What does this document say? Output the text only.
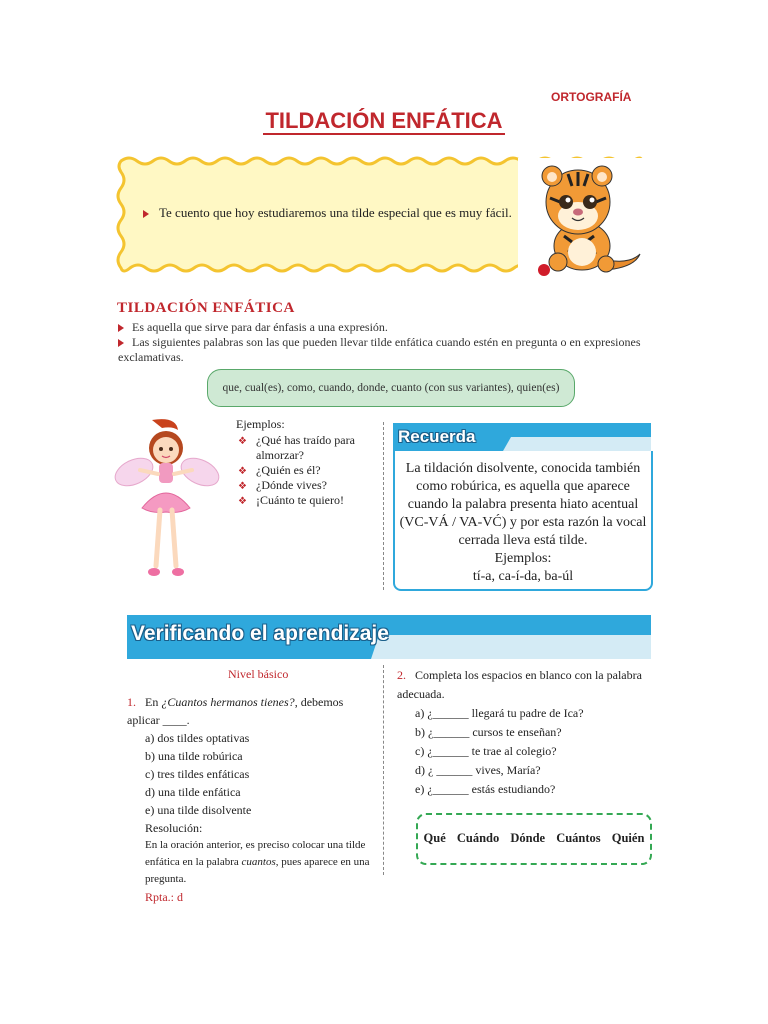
ORTOGRAFÍA
TILDACIÓN ENFÁTICA
Te cuento que hoy estudiaremos una tilde especial que es muy fácil.
TILDACIÓN ENFÁTICA
Es aquella que sirve para dar énfasis a una expresión.
Las siguientes palabras son las que pueden llevar tilde enfática cuando estén en pregunta o en expresiones exclamativas.
que, cual(es), como, cuando, donde, cuanto (con sus variantes), quien(es)
Ejemplos:
❖ ¿Qué has traído para almorzar?
❖ ¿Quién es él?
❖ ¿Dónde vives?
❖ ¡Cuánto te quiero!
Recuerda
La tildación disolvente, conocida también como robúrica, es aquella que aparece cuando la palabra presenta hiato acentual (VC-VÁ / VA-VĆ) y por esta razón la vocal cerrada lleva está tilde.
Ejemplos:
tí-a, ca-í-da, ba-úl
Verificando el aprendizaje
Nivel básico
1. En ¿Cuantos hermanos tienes?, debemos aplicar ____.
a) dos tildes optativas
b) una tilde robúrica
c) tres tildes enfáticas
d) una tilde enfática
e) una tilde disolvente
Resolución:
En la oración anterior, es preciso colocar una tilde enfática en la palabra cuantos, pues aparece en una pregunta.
Rpta.: d
2. Completa los espacios en blanco con la palabra adecuada.
a) ¿______ llegará tu padre de Ica?
b) ¿______ cursos te enseñan?
c) ¿______ te trae al colegio?
d) ¿ ______ vives, María?
e) ¿______ estás estudiando?
Qué Cuándo Dónde Cuántos Quién
